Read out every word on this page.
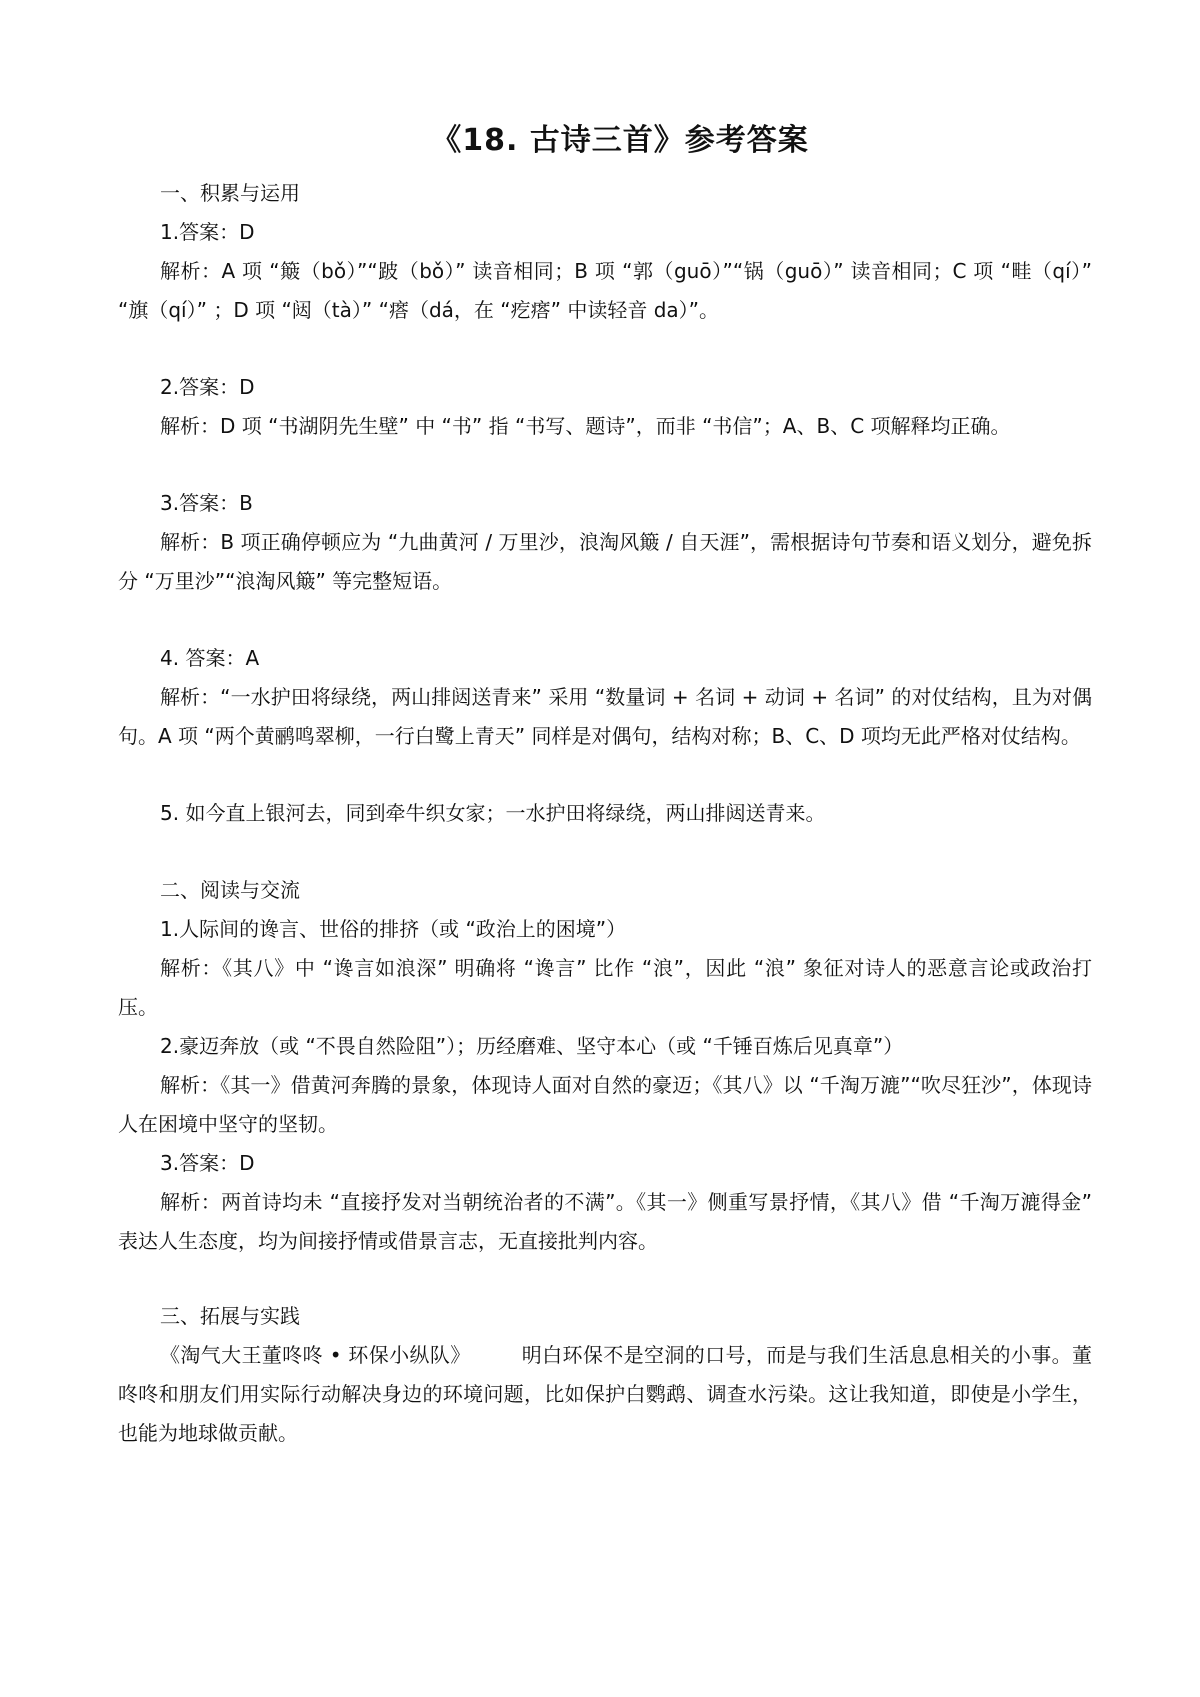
《18. 古诗三首》参考答案

一、积累与运用

1.答案：D

解析：A 项 “簸（bǒ）”“跛（bǒ）” 读音相同；B 项 “郭（guō）”“锅（guō）” 读音相同；C 项 “畦（qí）” “旗（qí）” ；D 项 “闼（tà）” “瘩（dá，在 “疙瘩” 中读轻音 da）”。

2.答案：D

解析：D 项 “书湖阴先生壁” 中 “书” 指 “书写、题诗”，而非 “书信”；A、B、C 项解释均正确。

3.答案：B

解析：B 项正确停顿应为 “九曲黄河 / 万里沙，浪淘风簸 / 自天涯”，需根据诗句节奏和语义划分，避免拆分 “万里沙”“浪淘风簸” 等完整短语。

4. 答案：A

解析：“一水护田将绿绕，两山排闼送青来” 采用 “数量词 + 名词 + 动词 + 名词” 的对仗结构，且为对偶句。A 项 “两个黄鹂鸣翠柳，一行白鹭上青天” 同样是对偶句，结构对称；B、C、D 项均无此严格对仗结构。

5. 如今直上银河去，同到牵牛织女家；一水护田将绿绕，两山排闼送青来。

二、阅读与交流

1.人际间的谗言、世俗的排挤（或 “政治上的困境”）

解析：《其八》中 “谗言如浪深” 明确将 “谗言” 比作 “浪”，因此 “浪” 象征对诗人的恶意言论或政治打压。

2.豪迈奔放（或 “不畏自然险阻”）；历经磨难、坚守本心（或 “千锤百炼后见真章”）

解析：《其一》借黄河奔腾的景象，体现诗人面对自然的豪迈；《其八》以 “千淘万漉”“吹尽狂沙”，体现诗人在困境中坚守的坚韧。

3.答案：D

解析：两首诗均未 “直接抒发对当朝统治者的不满”。《其一》侧重写景抒情，《其八》借 “千淘万漉得金” 表达人生态度，均为间接抒情或借景言志，无直接批判内容。

三、拓展与实践

《淘气大王董咚咚 • 环保小纵队》　　　明白环保不是空洞的口号，而是与我们生活息息相关的小事。董咚咚和朋友们用实际行动解决身边的环境问题，比如保护白鹦鹉、调查水污染。这让我知道，即使是小学生，也能为地球做贡献。
